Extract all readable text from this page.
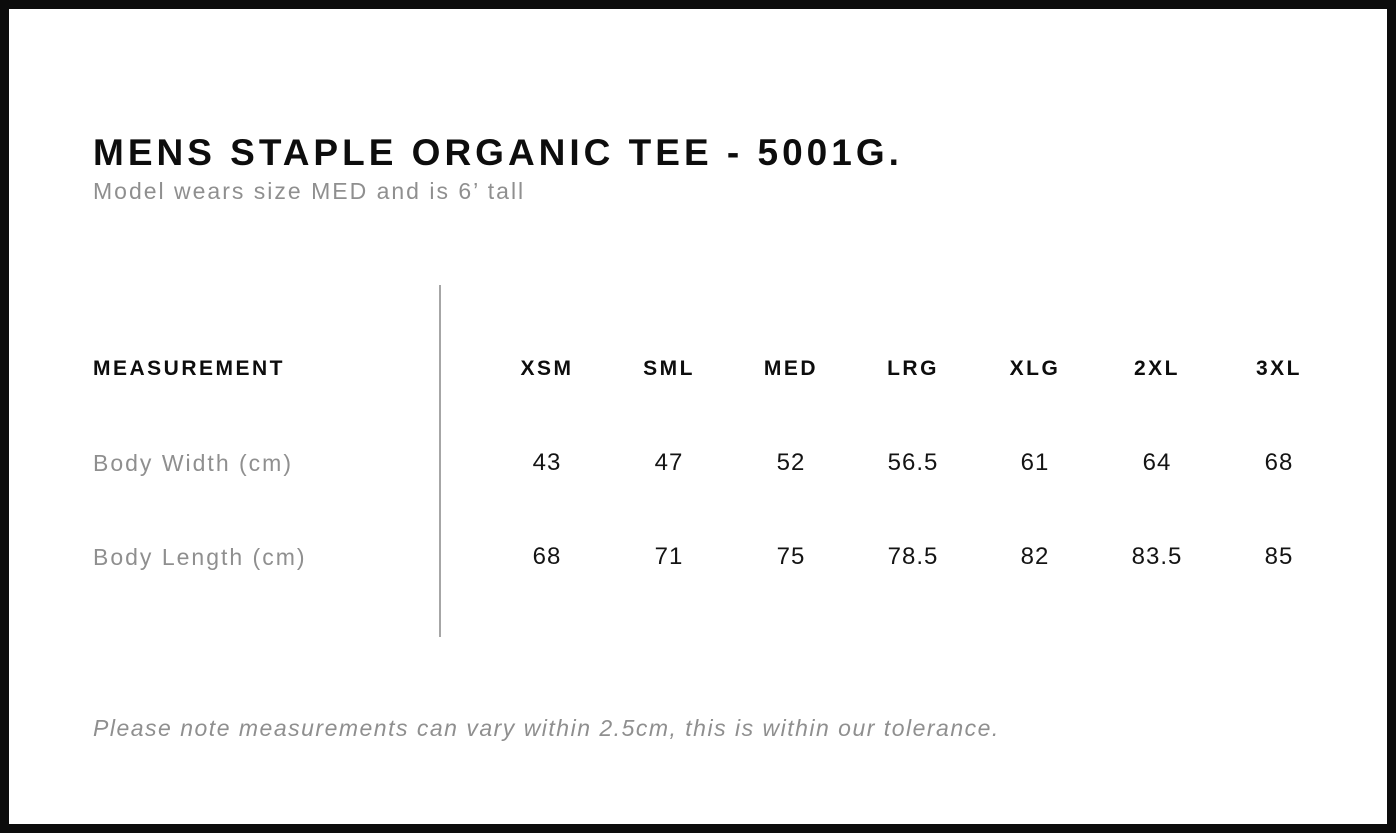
MENS STAPLE ORGANIC TEE - 5001G.
Model wears size MED and is 6’ tall
MEASUREMENT	XSM	SML	MED	LRG	XLG	2XL	3XL
Body Width (cm)	43	47	52	56.5	61	64	68
Body Length (cm)	68	71	75	78.5	82	83.5	85
Please note measurements can vary within 2.5cm, this is within our tolerance.
